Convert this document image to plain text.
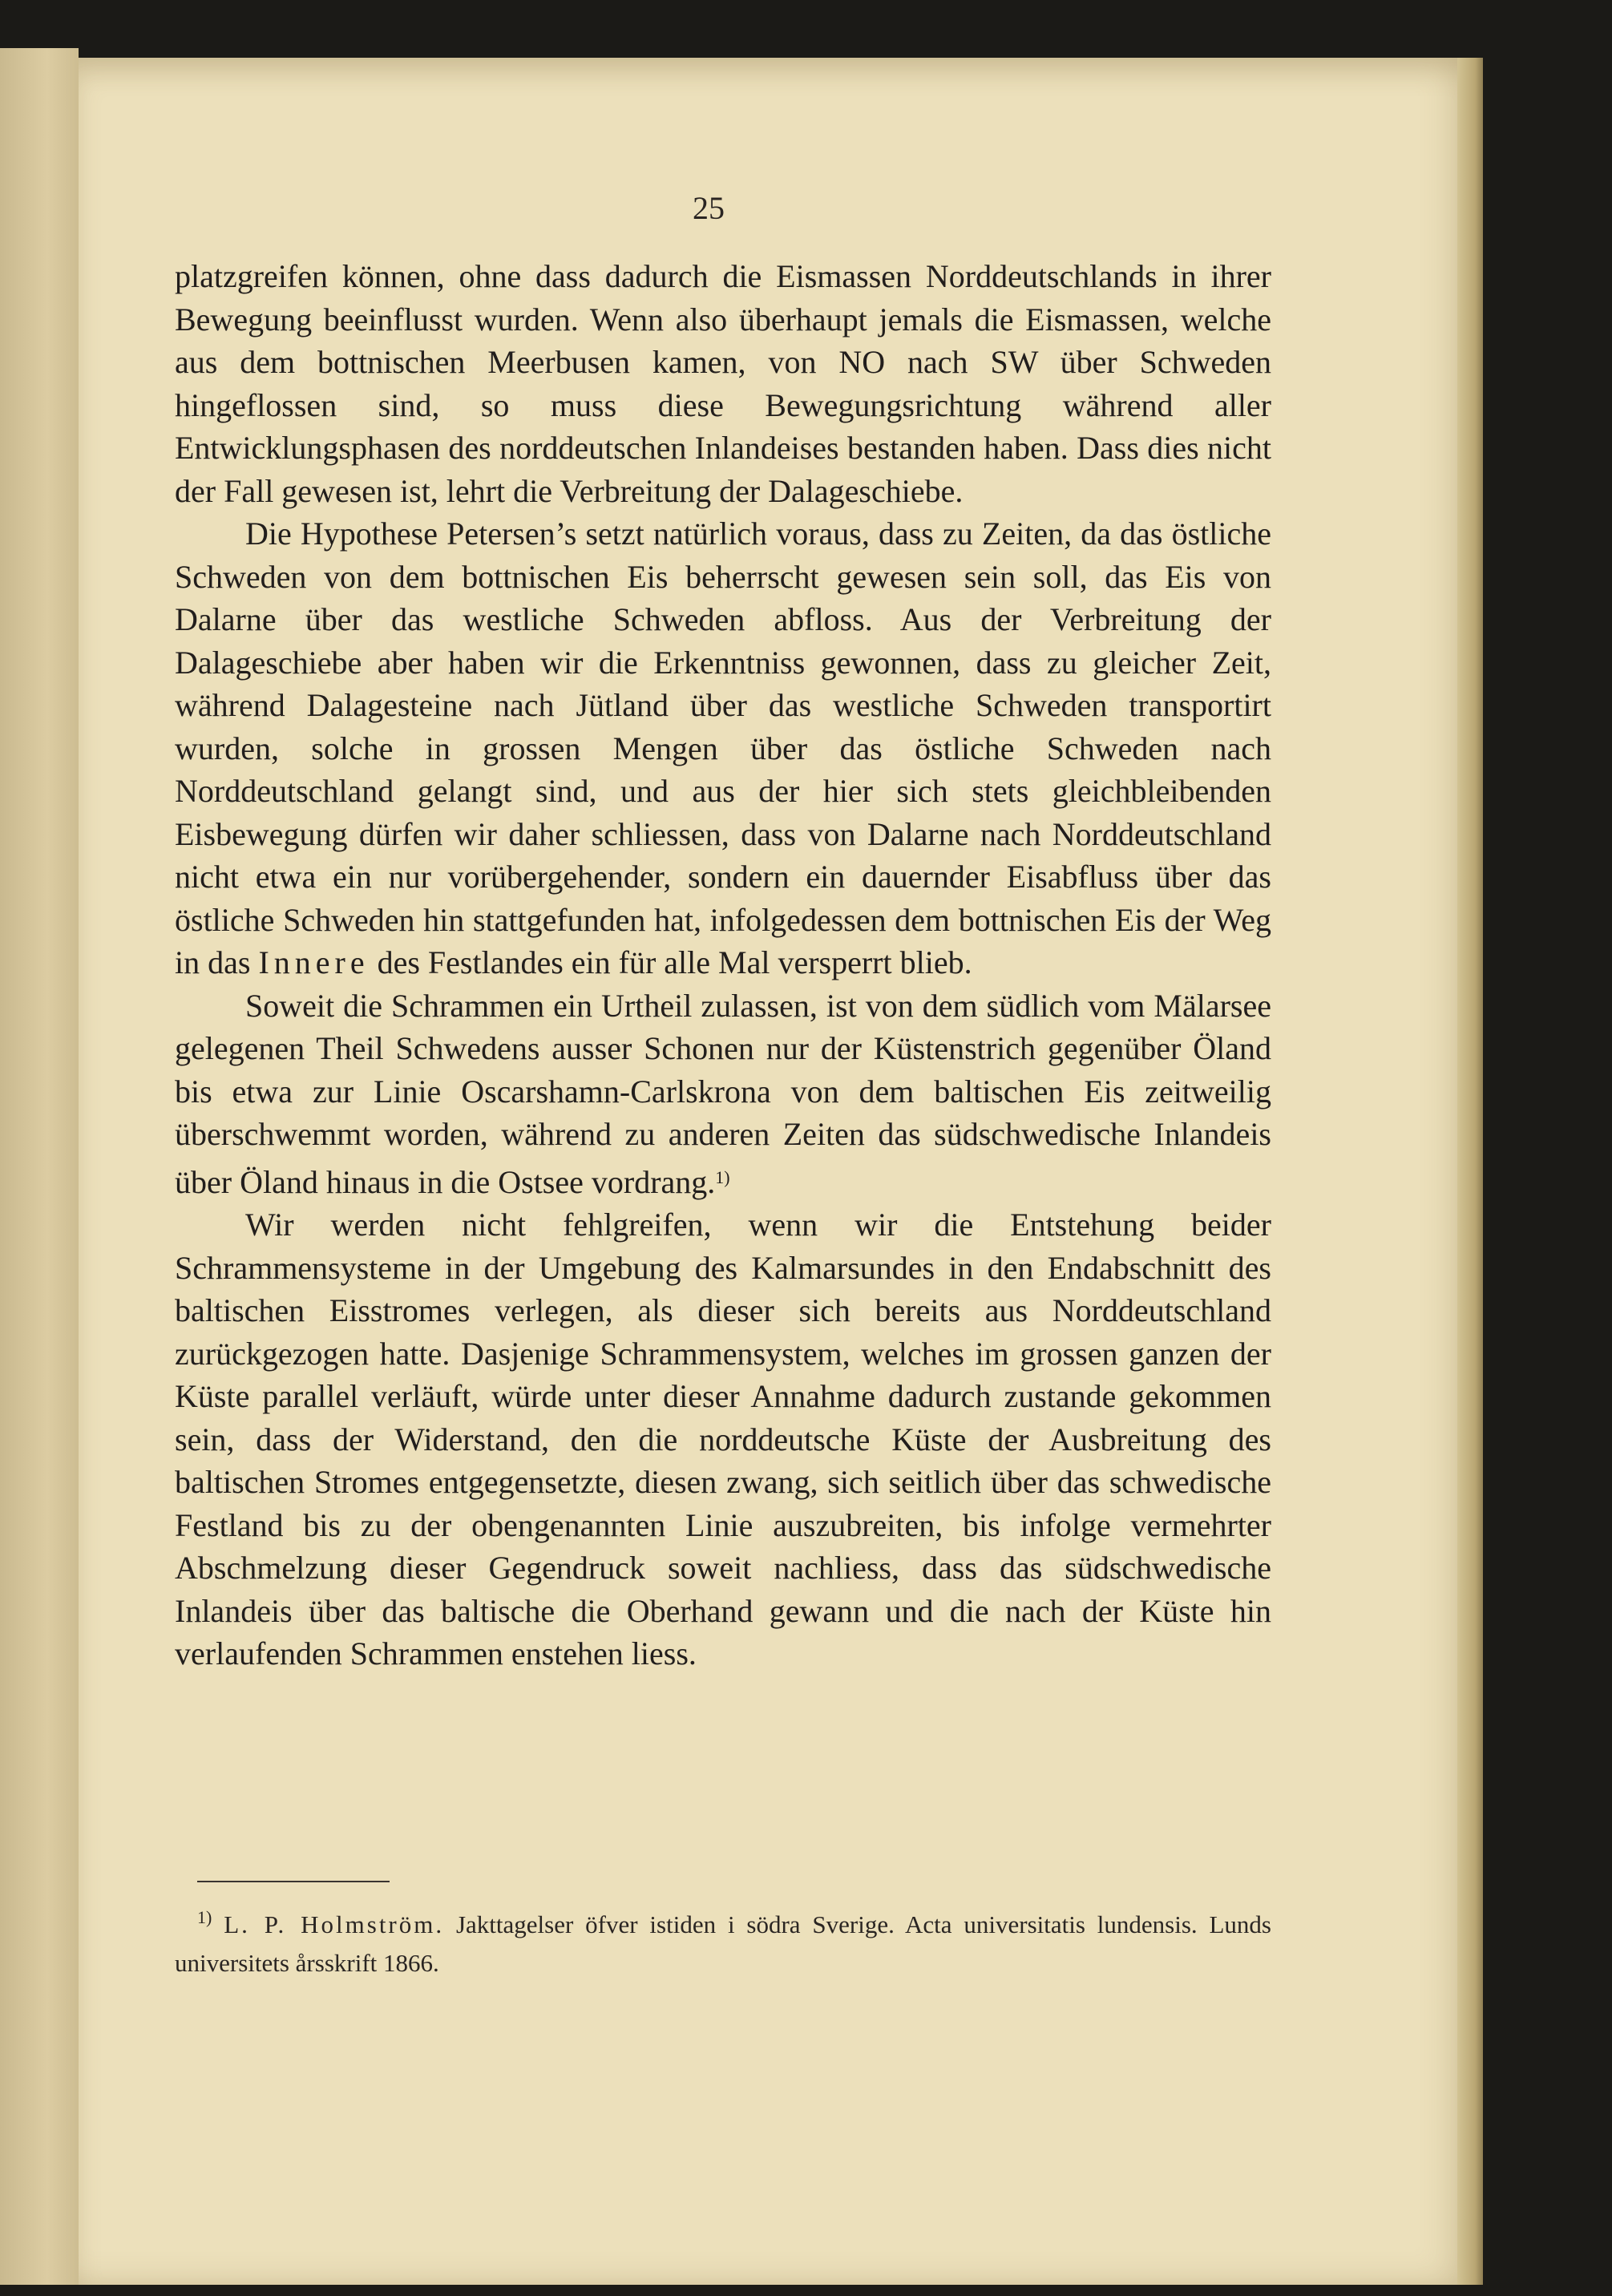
25

platzgreifen können, ohne dass dadurch die Eismassen Norddeutschlands in ihrer Bewegung beeinflusst wurden. Wenn also überhaupt jemals die Eismassen, welche aus dem bottnischen Meerbusen kamen, von NO nach SW über Schweden hingeflossen sind, so muss diese Bewegungsrichtung während aller Entwicklungsphasen des norddeutschen Inlandeises bestanden haben. Dass dies nicht der Fall gewesen ist, lehrt die Verbreitung der Dalageschiebe.

Die Hypothese Petersen’s setzt natürlich voraus, dass zu Zeiten, da das östliche Schweden von dem bottnischen Eis beherrscht gewesen sein soll, das Eis von Dalarne über das westliche Schweden abfloss. Aus der Verbreitung der Dalageschiebe aber haben wir die Erkenntniss gewonnen, dass zu gleicher Zeit, während Dalagesteine nach Jütland über das westliche Schweden transportirt wurden, solche in grossen Mengen über das östliche Schweden nach Norddeutschland gelangt sind, und aus der hier sich stets gleichbleibenden Eisbewegung dürfen wir daher schliessen, dass von Dalarne nach Norddeutschland nicht etwa ein nur vorübergehender, sondern ein dauernder Eisabfluss über das östliche Schweden hin stattgefunden hat, infolgedessen dem bottnischen Eis der Weg in das Innere des Festlandes ein für alle Mal versperrt blieb.

Soweit die Schrammen ein Urtheil zulassen, ist von dem südlich vom Mälarsee gelegenen Theil Schwedens ausser Schonen nur der Küstenstrich gegenüber Öland bis etwa zur Linie Oscarshamn-Carlskrona von dem baltischen Eis zeitweilig überschwemmt worden, während zu anderen Zeiten das südschwedische Inlandeis über Öland hinaus in die Ostsee vordrang.$^{1)}$

Wir werden nicht fehlgreifen, wenn wir die Entstehung beider Schrammensysteme in der Umgebung des Kalmarsundes in den Endabschnitt des baltischen Eisstromes verlegen, als dieser sich bereits aus Norddeutschland zurückgezogen hatte. Dasjenige Schrammensystem, welches im grossen ganzen der Küste parallel verläuft, würde unter dieser Annahme dadurch zustande gekommen sein, dass der Widerstand, den die norddeutsche Küste der Ausbreitung des baltischen Stromes entgegensetzte, diesen zwang, sich seitlich über das schwedische Festland bis zu der obengenannten Linie auszubreiten, bis infolge vermehrter Abschmelzung dieser Gegendruck soweit nachliess, dass das südschwedische Inlandeis über das baltische die Oberhand gewann und die nach der Küste hin verlaufenden Schrammen enstehen liess.

$^{1)}$ L. P. Holmström. Jakttagelser öfver istiden i södra Sverige. Acta universitatis lundensis. Lunds universitets årsskrift 1866.
